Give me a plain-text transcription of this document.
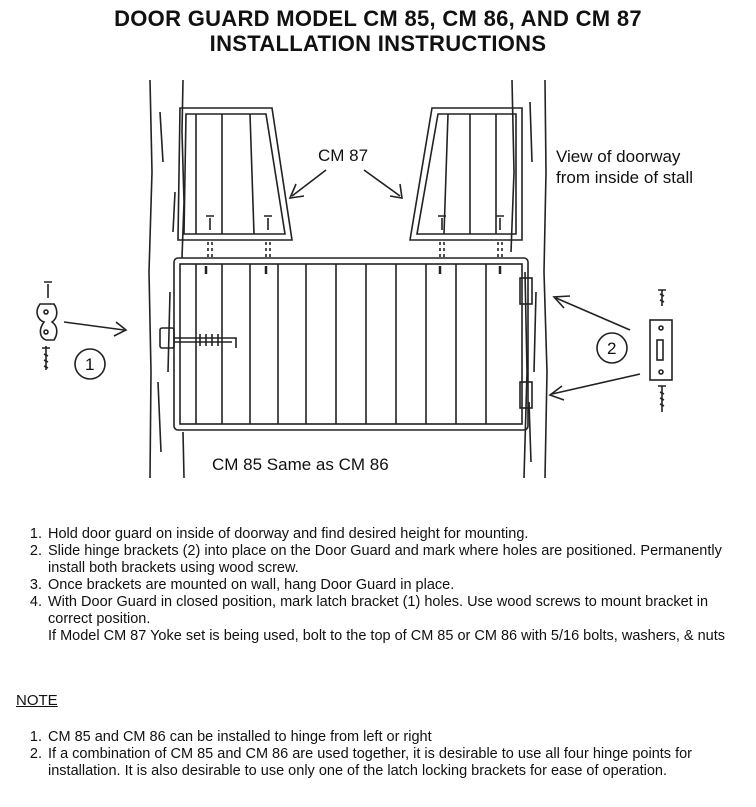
DOOR GUARD MODEL CM 85, CM 86, AND CM 87
INSTALLATION INSTRUCTIONS
CM 87	View of doorway
from inside of stall
CM 85 Same as CM 86
1
2
1. Hold door guard on inside of doorway and find desired height for mounting.
2. Slide hinge brackets (2) into place on the Door Guard and mark where holes are positioned. Permanently install both brackets using wood screw.
3. Once brackets are mounted on wall, hang Door Guard in place.
4. With Door Guard in closed position, mark latch bracket (1) holes. Use wood screws to mount bracket in correct position.
If Model CM 87 Yoke set is being used, bolt to the top of CM 85 or CM 86 with 5/16 bolts, washers, & nuts
NOTE
1. CM 85 and CM 86 can be installed to hinge from left or right
2. If a combination of CM 85 and CM 86 are used together, it is desirable to use all four hinge points for installation. It is also desirable to use only one of the latch locking brackets for ease of operation.
